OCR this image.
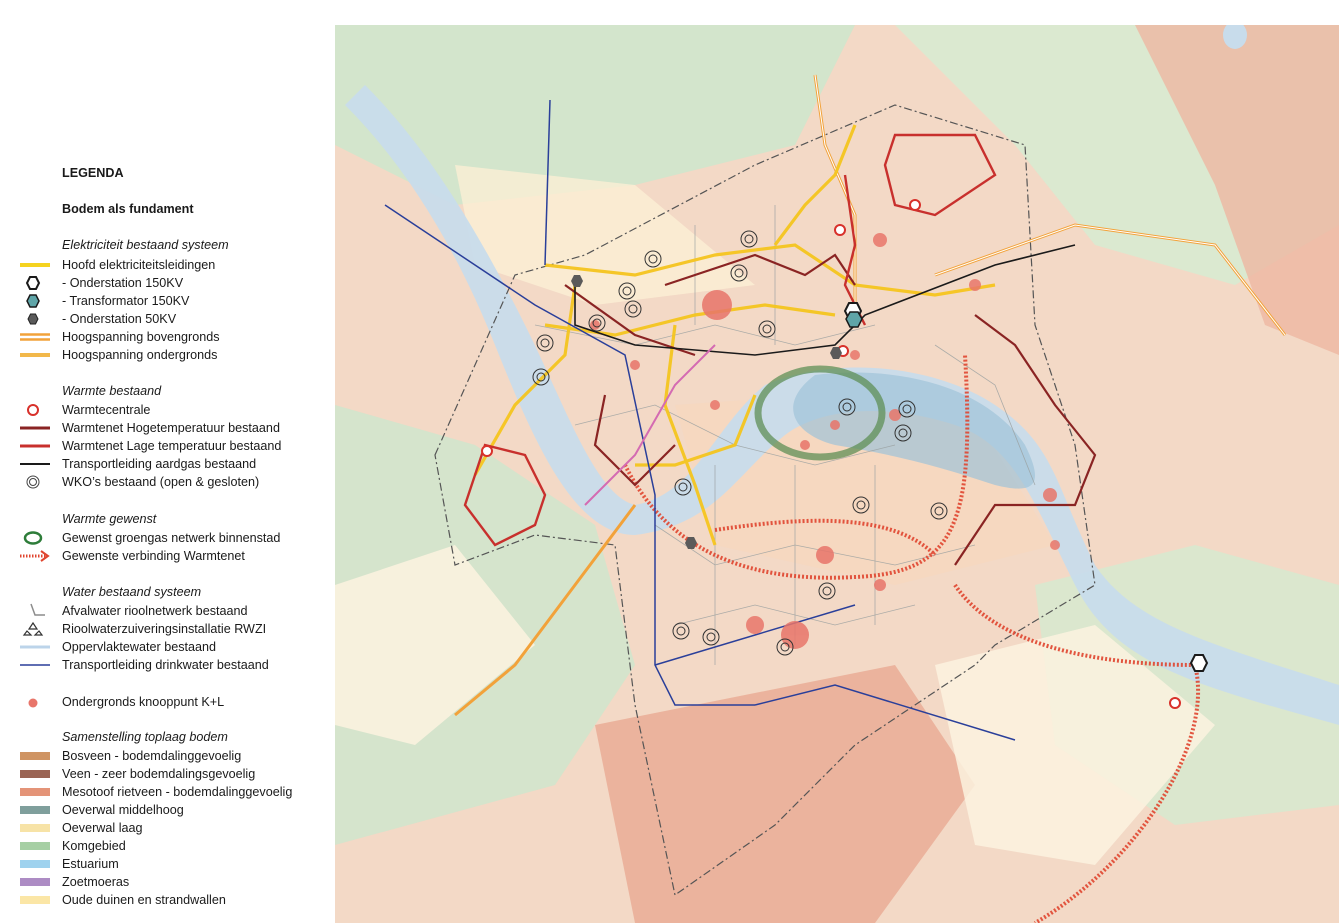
LEGENDA
Bodem als fundament
Elektriciteit bestaand systeem
Hoofd elektriciteitsleidingen
- Onderstation 150KV
- Transformator 150KV
- Onderstation 50KV
Hoogspanning bovengronds
Hoogspanning ondergronds
Warmte bestaand
Warmtecentrale
Warmtenet Hogetemperatuur bestaand
Warmtenet Lage temperatuur bestaand
Transportleiding aardgas bestaand
WKO’s bestaand (open & gesloten)
Warmte gewenst
Gewenst groengas netwerk binnenstad
Gewenste verbinding Warmtenet
Water bestaand systeem
Afvalwater rioolnetwerk bestaand
Rioolwaterzuiveringsinstallatie RWZI
Oppervlaktewater bestaand
Transportleiding drinkwater bestaand
Ondergronds knooppunt K+L
Samenstelling toplaag bodem
Bosveen - bodemdalinggevoelig
Veen - zeer bodemdalingsgevoelig
Mesotoof rietveen - bodemdalinggevoelig
Oeverwal middelhoog
Oeverwal laag
Komgebied
Estuarium
Zoetmoeras
Oude duinen en strandwallen
